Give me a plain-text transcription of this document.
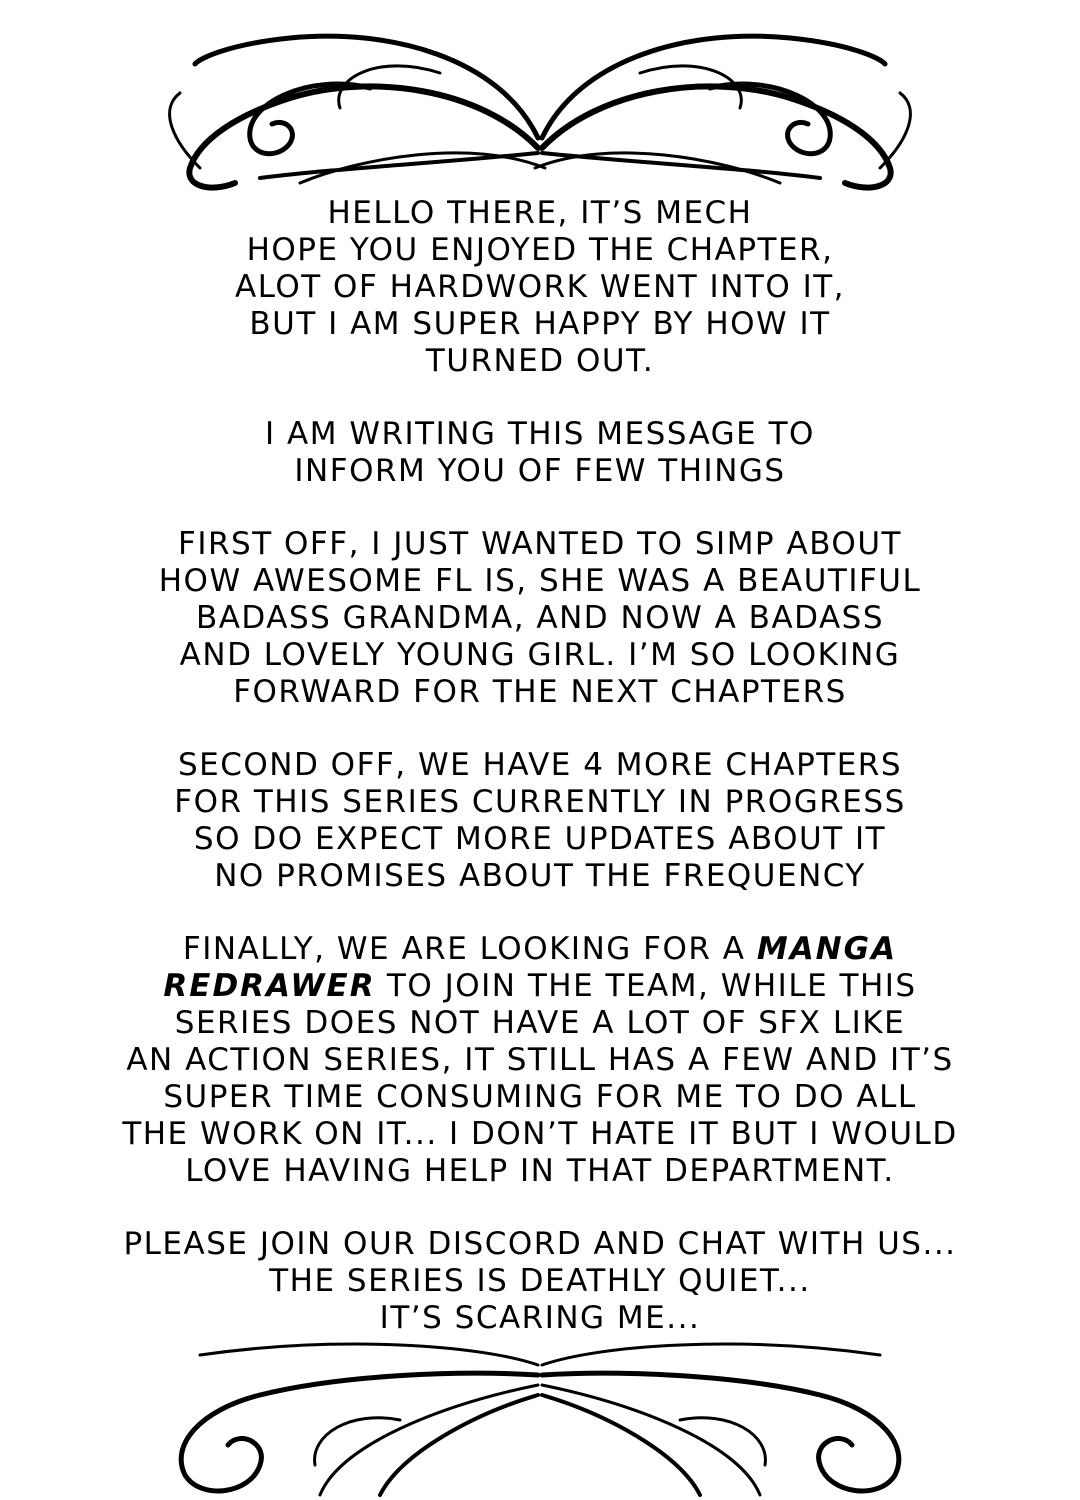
HELLO THERE, IT’S MECH
HOPE YOU ENJOYED THE CHAPTER,
ALOT OF HARDWORK WENT INTO IT,
BUT I AM SUPER HAPPY BY HOW IT
TURNED OUT.
I AM WRITING THIS MESSAGE TO
INFORM YOU OF FEW THINGS
FIRST OFF, I JUST WANTED TO SIMP ABOUT
HOW AWESOME FL IS, SHE WAS A BEAUTIFUL
BADASS GRANDMA, AND NOW A BADASS
AND LOVELY YOUNG GIRL. I’M SO LOOKING
FORWARD FOR THE NEXT CHAPTERS
SECOND OFF, WE HAVE 4 MORE CHAPTERS
FOR THIS SERIES CURRENTLY IN PROGRESS
SO DO EXPECT MORE UPDATES ABOUT IT
NO PROMISES ABOUT THE FREQUENCY
FINALLY, WE ARE LOOKING FOR A MANGA
REDRAWER TO JOIN THE TEAM, WHILE THIS
SERIES DOES NOT HAVE A LOT OF SFX LIKE
AN ACTION SERIES, IT STILL HAS A FEW AND IT’S
SUPER TIME CONSUMING FOR ME TO DO ALL
THE WORK ON IT... I DON’T HATE IT BUT I WOULD
LOVE HAVING HELP IN THAT DEPARTMENT.
PLEASE JOIN OUR DISCORD AND CHAT WITH US...
THE SERIES IS DEATHLY QUIET...
IT’S SCARING ME...
